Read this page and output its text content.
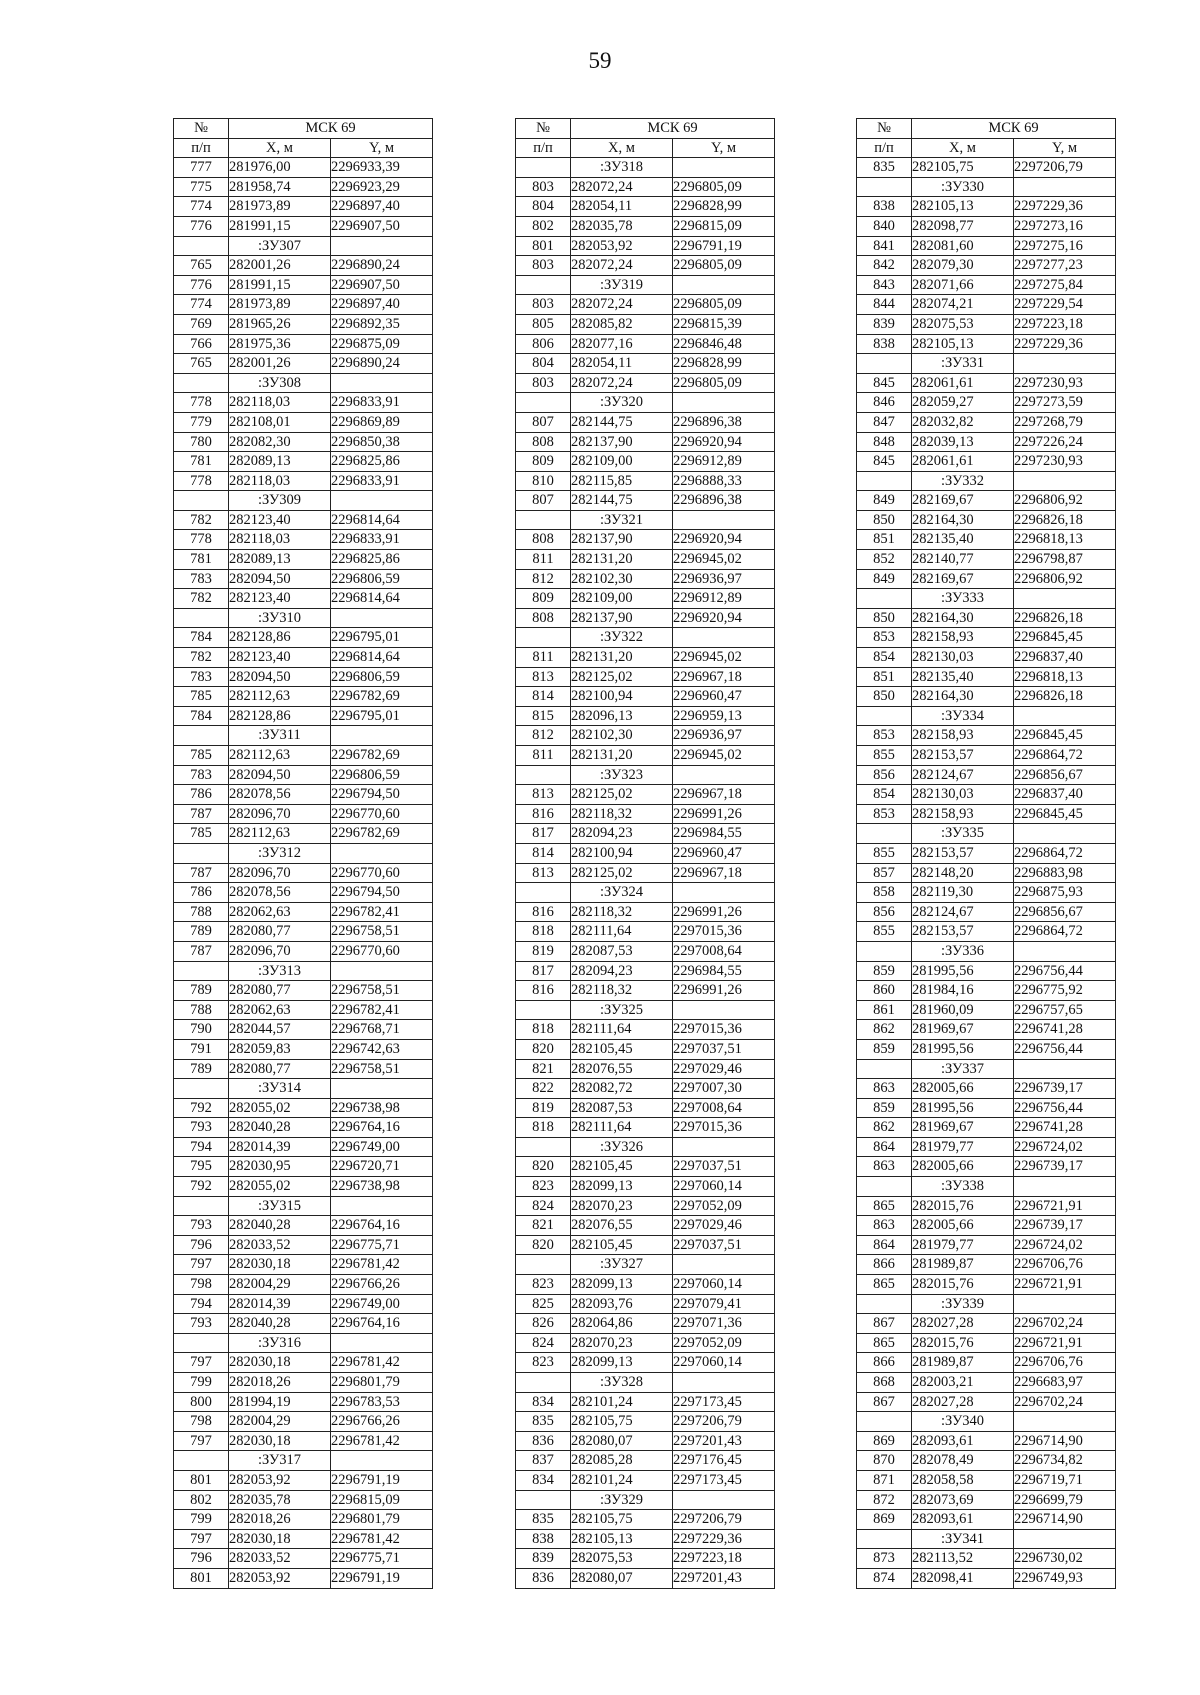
59
№	МСК 69	
п/п	X, м	Y, м
777	281976,00	2296933,39
775	281958,74	2296923,29
774	281973,89	2296897,40
776	281991,15	2296907,50
	:ЗУ307	
765	282001,26	2296890,24
776	281991,15	2296907,50
774	281973,89	2296897,40
769	281965,26	2296892,35
766	281975,36	2296875,09
765	282001,26	2296890,24
	:ЗУ308	
778	282118,03	2296833,91
779	282108,01	2296869,89
780	282082,30	2296850,38
781	282089,13	2296825,86
778	282118,03	2296833,91
	:ЗУ309	
782	282123,40	2296814,64
778	282118,03	2296833,91
781	282089,13	2296825,86
783	282094,50	2296806,59
782	282123,40	2296814,64
	:ЗУ310	
784	282128,86	2296795,01
782	282123,40	2296814,64
783	282094,50	2296806,59
785	282112,63	2296782,69
784	282128,86	2296795,01
	:ЗУ311	
785	282112,63	2296782,69
783	282094,50	2296806,59
786	282078,56	2296794,50
787	282096,70	2296770,60
785	282112,63	2296782,69
	:ЗУ312	
787	282096,70	2296770,60
786	282078,56	2296794,50
788	282062,63	2296782,41
789	282080,77	2296758,51
787	282096,70	2296770,60
	:ЗУ313	
789	282080,77	2296758,51
788	282062,63	2296782,41
790	282044,57	2296768,71
791	282059,83	2296742,63
789	282080,77	2296758,51
	:ЗУ314	
792	282055,02	2296738,98
793	282040,28	2296764,16
794	282014,39	2296749,00
795	282030,95	2296720,71
792	282055,02	2296738,98
	:ЗУ315	
793	282040,28	2296764,16
796	282033,52	2296775,71
797	282030,18	2296781,42
798	282004,29	2296766,26
794	282014,39	2296749,00
793	282040,28	2296764,16
	:ЗУ316	
797	282030,18	2296781,42
799	282018,26	2296801,79
800	281994,19	2296783,53
798	282004,29	2296766,26
797	282030,18	2296781,42
	:ЗУ317	
801	282053,92	2296791,19
802	282035,78	2296815,09
799	282018,26	2296801,79
797	282030,18	2296781,42
796	282033,52	2296775,71
801	282053,92	2296791,19
№	МСК 69	
п/п	X, м	Y, м
	:ЗУ318	
803	282072,24	2296805,09
804	282054,11	2296828,99
802	282035,78	2296815,09
801	282053,92	2296791,19
803	282072,24	2296805,09
	:ЗУ319	
803	282072,24	2296805,09
805	282085,82	2296815,39
806	282077,16	2296846,48
804	282054,11	2296828,99
803	282072,24	2296805,09
	:ЗУ320	
807	282144,75	2296896,38
808	282137,90	2296920,94
809	282109,00	2296912,89
810	282115,85	2296888,33
807	282144,75	2296896,38
	:ЗУ321	
808	282137,90	2296920,94
811	282131,20	2296945,02
812	282102,30	2296936,97
809	282109,00	2296912,89
808	282137,90	2296920,94
	:ЗУ322	
811	282131,20	2296945,02
813	282125,02	2296967,18
814	282100,94	2296960,47
815	282096,13	2296959,13
812	282102,30	2296936,97
811	282131,20	2296945,02
	:ЗУ323	
813	282125,02	2296967,18
816	282118,32	2296991,26
817	282094,23	2296984,55
814	282100,94	2296960,47
813	282125,02	2296967,18
	:ЗУ324	
816	282118,32	2296991,26
818	282111,64	2297015,36
819	282087,53	2297008,64
817	282094,23	2296984,55
816	282118,32	2296991,26
	:ЗУ325	
818	282111,64	2297015,36
820	282105,45	2297037,51
821	282076,55	2297029,46
822	282082,72	2297007,30
819	282087,53	2297008,64
818	282111,64	2297015,36
	:ЗУ326	
820	282105,45	2297037,51
823	282099,13	2297060,14
824	282070,23	2297052,09
821	282076,55	2297029,46
820	282105,45	2297037,51
	:ЗУ327	
823	282099,13	2297060,14
825	282093,76	2297079,41
826	282064,86	2297071,36
824	282070,23	2297052,09
823	282099,13	2297060,14
	:ЗУ328	
834	282101,24	2297173,45
835	282105,75	2297206,79
836	282080,07	2297201,43
837	282085,28	2297176,45
834	282101,24	2297173,45
	:ЗУ329	
835	282105,75	2297206,79
838	282105,13	2297229,36
839	282075,53	2297223,18
836	282080,07	2297201,43
№	МСК 69	
п/п	X, м	Y, м
835	282105,75	2297206,79
	:ЗУ330	
838	282105,13	2297229,36
840	282098,77	2297273,16
841	282081,60	2297275,16
842	282079,30	2297277,23
843	282071,66	2297275,84
844	282074,21	2297229,54
839	282075,53	2297223,18
838	282105,13	2297229,36
	:ЗУ331	
845	282061,61	2297230,93
846	282059,27	2297273,59
847	282032,82	2297268,79
848	282039,13	2297226,24
845	282061,61	2297230,93
	:ЗУ332	
849	282169,67	2296806,92
850	282164,30	2296826,18
851	282135,40	2296818,13
852	282140,77	2296798,87
849	282169,67	2296806,92
	:ЗУ333	
850	282164,30	2296826,18
853	282158,93	2296845,45
854	282130,03	2296837,40
851	282135,40	2296818,13
850	282164,30	2296826,18
	:ЗУ334	
853	282158,93	2296845,45
855	282153,57	2296864,72
856	282124,67	2296856,67
854	282130,03	2296837,40
853	282158,93	2296845,45
	:ЗУ335	
855	282153,57	2296864,72
857	282148,20	2296883,98
858	282119,30	2296875,93
856	282124,67	2296856,67
855	282153,57	2296864,72
	:ЗУ336	
859	281995,56	2296756,44
860	281984,16	2296775,92
861	281960,09	2296757,65
862	281969,67	2296741,28
859	281995,56	2296756,44
	:ЗУ337	
863	282005,66	2296739,17
859	281995,56	2296756,44
862	281969,67	2296741,28
864	281979,77	2296724,02
863	282005,66	2296739,17
	:ЗУ338	
865	282015,76	2296721,91
863	282005,66	2296739,17
864	281979,77	2296724,02
866	281989,87	2296706,76
865	282015,76	2296721,91
	:ЗУ339	
867	282027,28	2296702,24
865	282015,76	2296721,91
866	281989,87	2296706,76
868	282003,21	2296683,97
867	282027,28	2296702,24
	:ЗУ340	
869	282093,61	2296714,90
870	282078,49	2296734,82
871	282058,58	2296719,71
872	282073,69	2296699,79
869	282093,61	2296714,90
	:ЗУ341	
873	282113,52	2296730,02
874	282098,41	2296749,93
